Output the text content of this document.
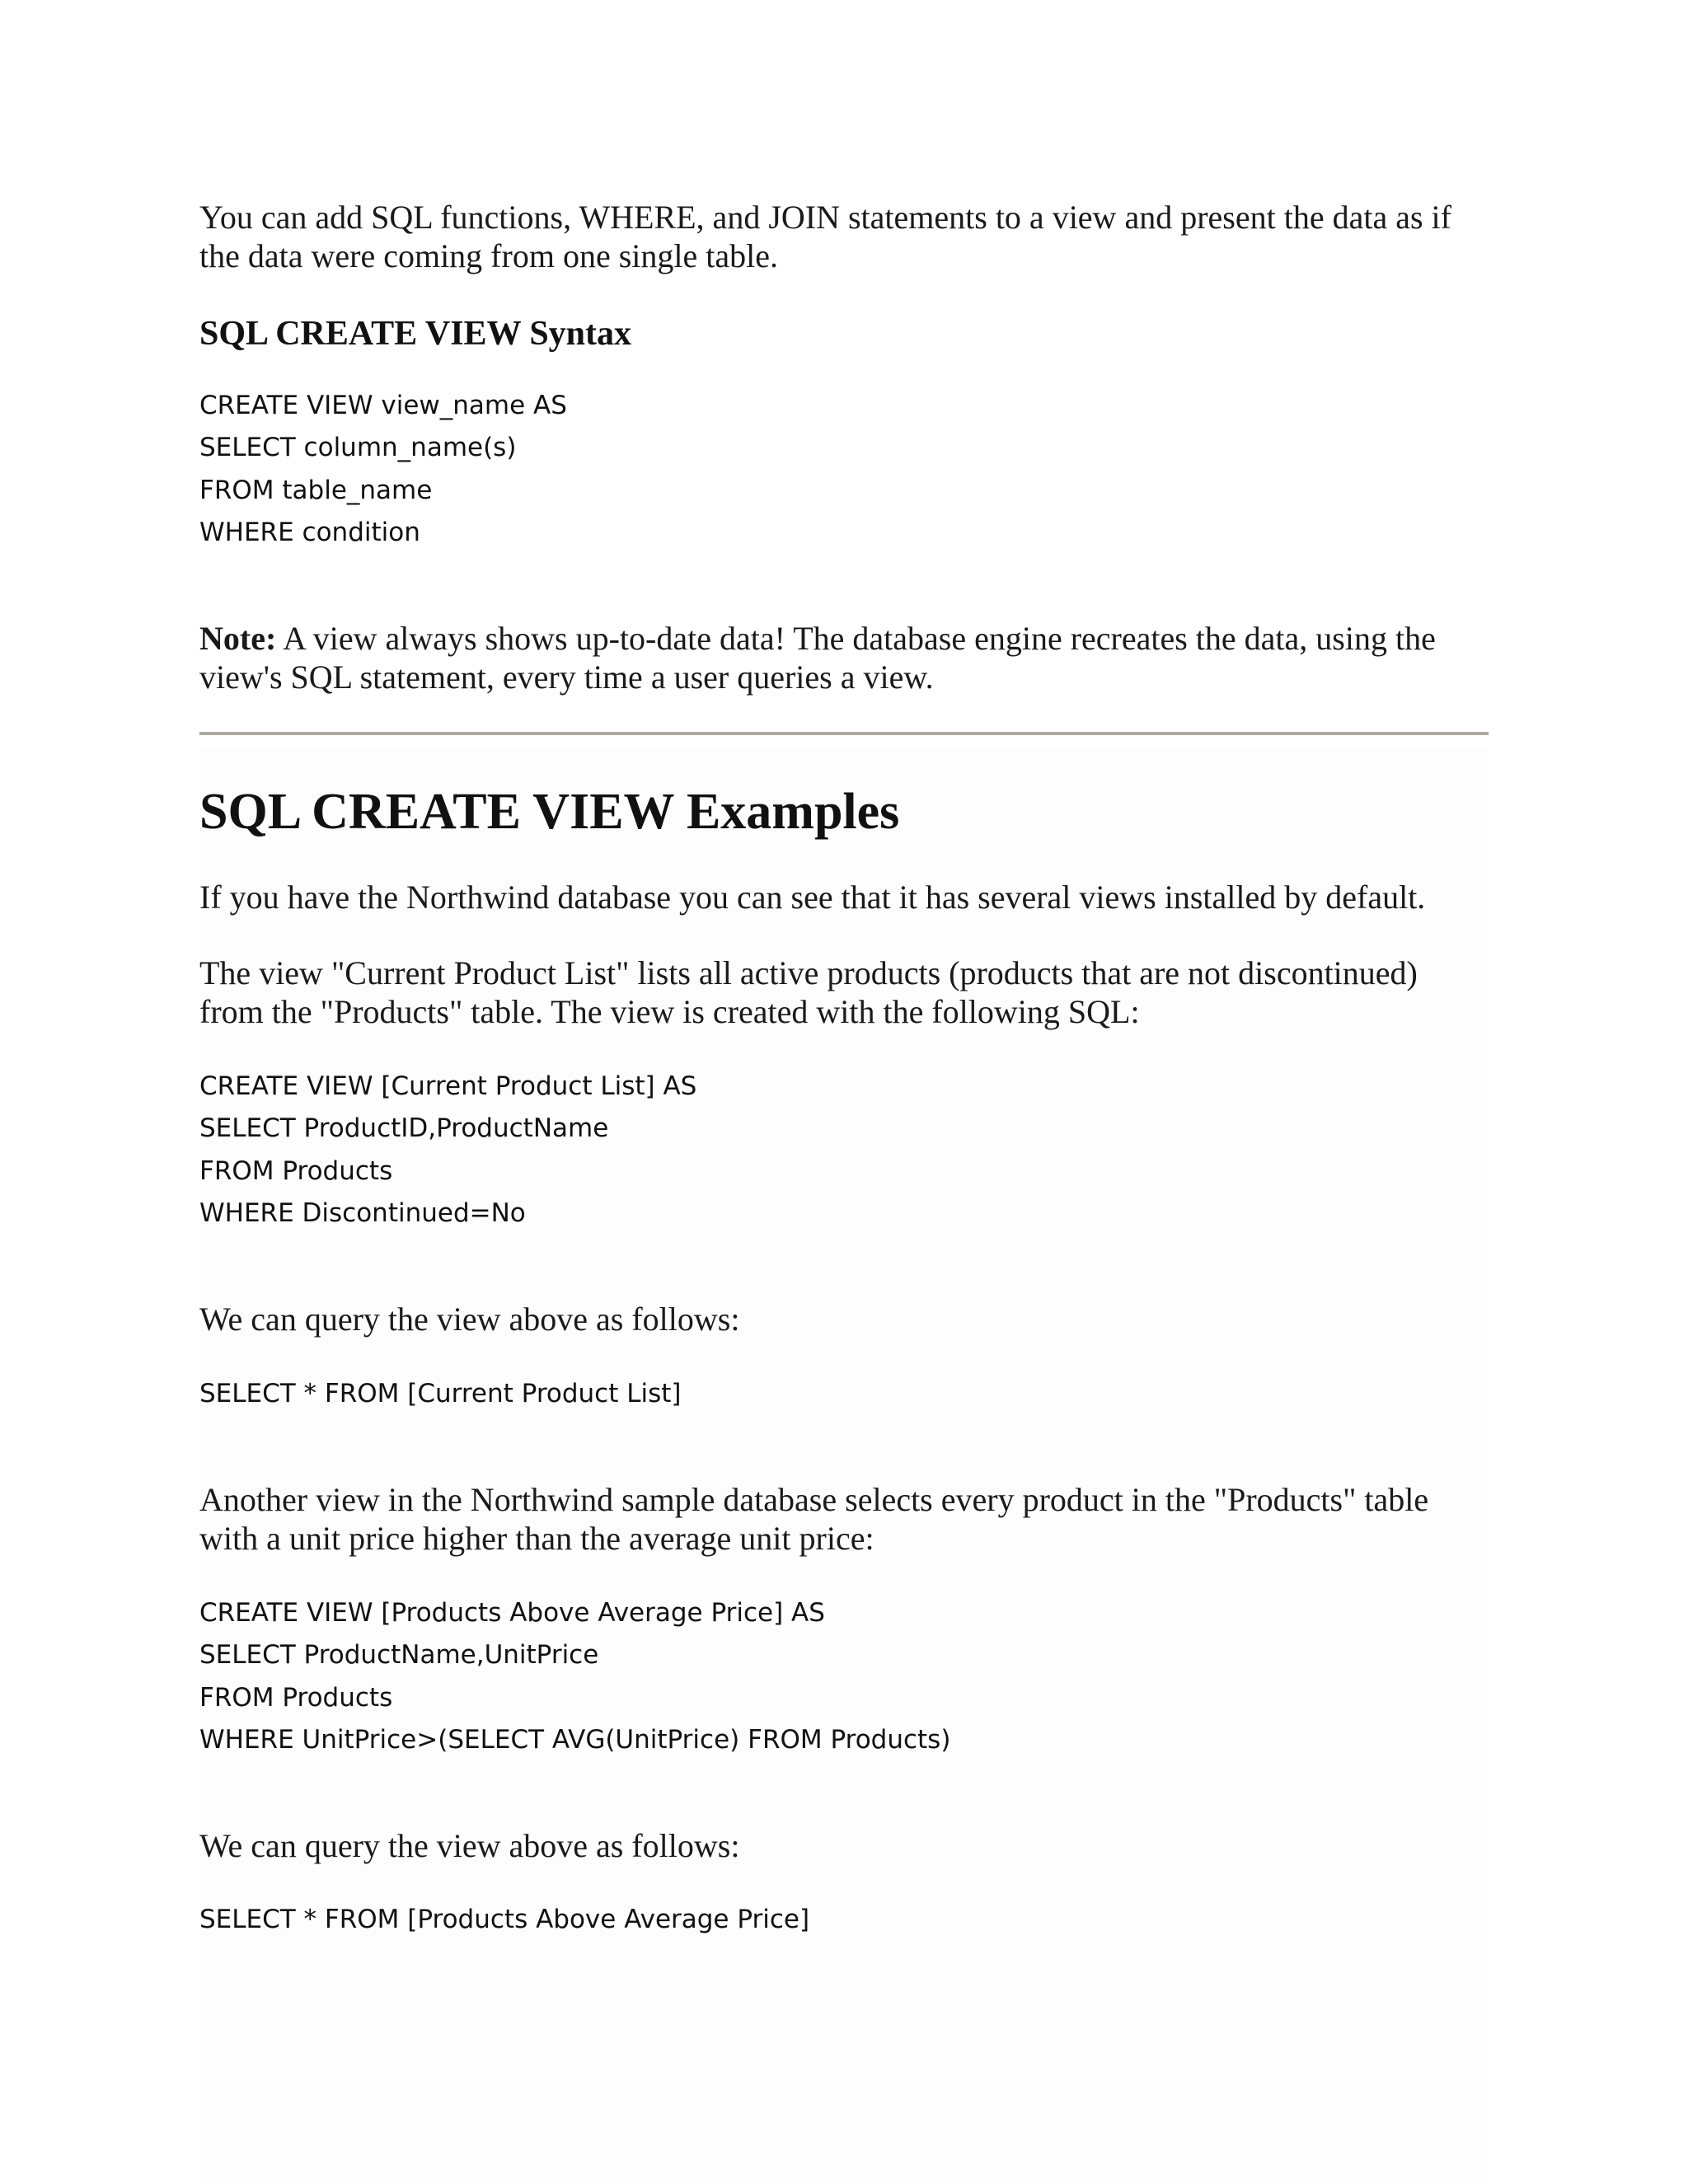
You can add SQL functions, WHERE, and JOIN statements to a view and present the data as if the data were coming from one single table.

SQL CREATE VIEW Syntax

CREATE VIEW view_name AS

SELECT column_name(s)

FROM table_name

WHERE condition

Note: A view always shows up-to-date data! The database engine recreates the data, using the view's SQL statement, every time a user queries a view.

SQL CREATE VIEW Examples

If you have the Northwind database you can see that it has several views installed by default.

The view "Current Product List" lists all active products (products that are not discontinued) from the "Products" table. The view is created with the following SQL:

CREATE VIEW [Current Product List] AS

SELECT ProductID,ProductName

FROM Products

WHERE Discontinued=No

We can query the view above as follows:

SELECT * FROM [Current Product List]

Another view in the Northwind sample database selects every product in the "Products" table with a unit price higher than the average unit price:

CREATE VIEW [Products Above Average Price] AS

SELECT ProductName,UnitPrice

FROM Products

WHERE UnitPrice>(SELECT AVG(UnitPrice) FROM Products)

We can query the view above as follows:

SELECT * FROM [Products Above Average Price]
